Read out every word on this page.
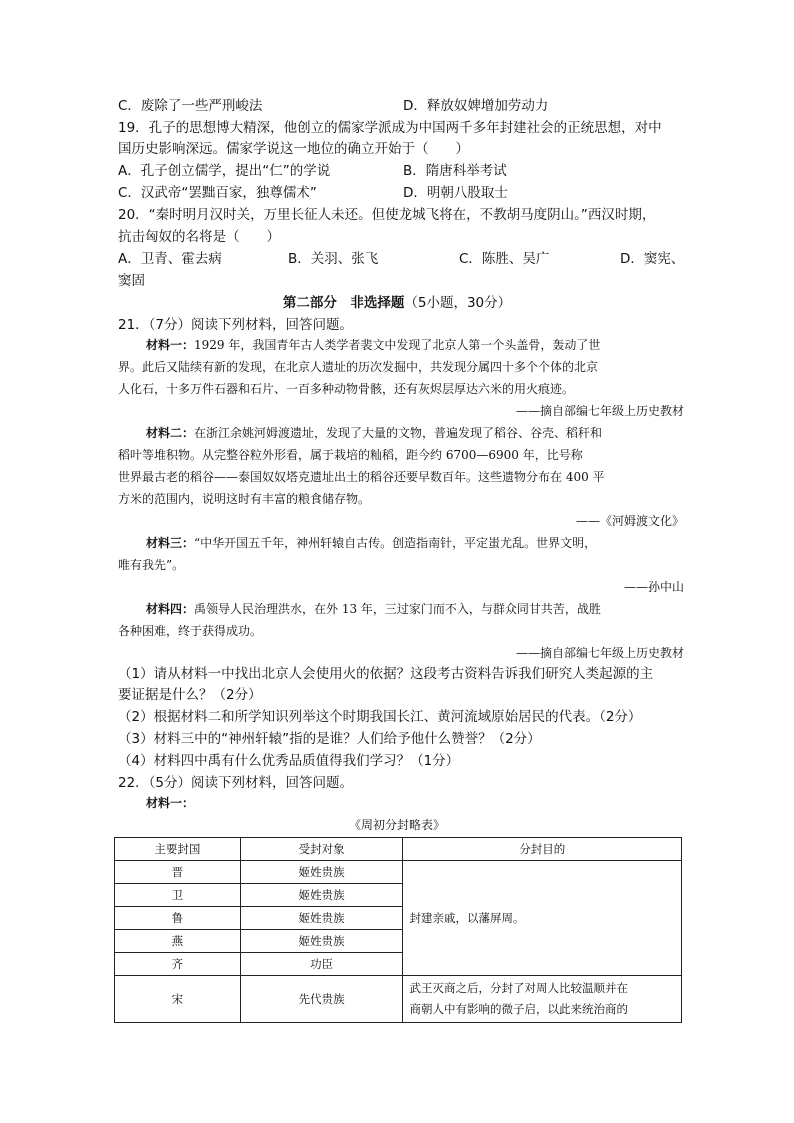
C．废除了一些严刑峻法	D．释放奴婢增加劳动力
19．孔子的思想博大精深，他创立的儒家学派成为中国两千多年封建社会的正统思想，对中
国历史影响深远。儒家学说这一地位的确立开始于（　　）
A．孔子创立儒学，提出“仁”的学说	B．隋唐科举考试
C．汉武帝“罢黜百家，独尊儒术”	D．明朝八股取士
20．“秦时明月汉时关，万里长征人未还。但使龙城飞将在，不教胡马度阴山。”西汉时期，
抗击匈奴的名将是（　　）
A．卫青、霍去病	B．关羽、张飞	C．陈胜、吴广	D．窦宪、
窦固
第二部分　非选择题（5小题，30分）
21．（7分）阅读下列材料，回答问题。
材料一：1929 年，我国青年古人类学者裴文中发现了北京人第一个头盖骨，轰动了世
界。此后又陆续有新的发现，在北京人遗址的历次发掘中，共发现分属四十多个个体的北京
人化石，十多万件石器和石片、一百多种动物骨骸，还有灰烬层厚达六米的用火痕迹。
——摘自部编七年级上历史教材
材料二：在浙江余姚河姆渡遗址，发现了大量的文物，普遍发现了稻谷、谷壳、稻秆和
稻叶等堆积物。从完整谷粒外形看，属于栽培的籼稻，距今约 6700—6900 年，比号称
世界最古老的稻谷——泰国奴奴塔克遗址出土的稻谷还要早数百年。这些遗物分布在 400 平
方米的范围内，说明这时有丰富的粮食储存物。
——《河姆渡文化》
材料三：“中华开国五千年，神州轩辕自古传。创造指南针，平定蚩尤乱。世界文明，
唯有我先”。
——孙中山
材料四：禹领导人民治理洪水，在外 13 年，三过家门而不入，与群众同甘共苦，战胜
各种困难，终于获得成功。
——摘自部编七年级上历史教材
（1）请从材料一中找出北京人会使用火的依据？这段考古资料告诉我们研究人类起源的主
要证据是什么？（2分）
（2）根据材料二和所学知识列举这个时期我国长江、黄河流域原始居民的代表。（2分）
（3）材料三中的“神州轩辕”指的是谁？人们给予他什么赞誉？（2分）
（4）材料四中禹有什么优秀品质值得我们学习？（1分）
22．（5分）阅读下列材料，回答问题。
材料一：
《周初分封略表》
主要封国	受封对象	分封目的
晋	姬姓贵族	封建亲戚，以藩屏周。
卫	姬姓贵族	
鲁	姬姓贵族	
燕	姬姓贵族	
齐	功臣	
宋	先代贵族	武王灭商之后，分封了对周人比较温顺并在
商朝人中有影响的微子启，以此来统治商的
